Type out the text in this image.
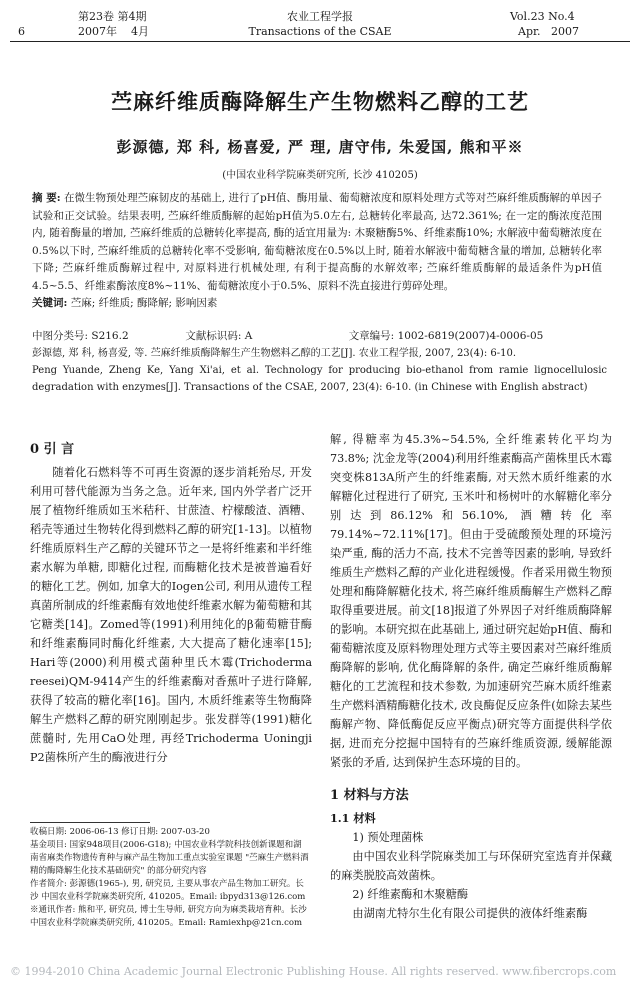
第23卷 第4期	农业工程学报	Vol.23 No.4
6	2007年    4月	Transactions of the CSAE	Apr.   2007
苎麻纤维质酶降解生产生物燃料乙醇的工艺
彭源德, 郑 科, 杨喜爱, 严 理, 唐守伟, 朱爱国, 熊和平※
(中国农业科学院麻类研究所, 长沙 410205)
摘 要: 在微生物预处理苎麻韧皮的基础上, 进行了pH值、酶用量、葡萄糖浓度和原料处理方式等对苎麻纤维质酶解的单因子试验和正交试验。结果表明, 苎麻纤维质酶解的起始pH值为5.0左右, 总糖转化率最高, 达72.361%; 在一定的酶浓度范围内, 随着酶量的增加, 苎麻纤维质的总糖转化率提高, 酶的适宜用量为: 木聚糖酶5%、纤维素酶10%; 水解液中葡萄糖浓度在0.5%以下时, 苎麻纤维质的总糖转化率不受影响, 葡萄糖浓度在0.5%以上时, 随着水解液中葡萄糖含量的增加, 总糖转化率下降; 苎麻纤维质酶解过程中, 对原料进行机械处理, 有利于提高酶的水解效率; 苎麻纤维质酶解的最适条件为pH值4.5~5.5、纤维素酶浓度8%~11%、葡萄糖浓度小于0.5%、原料不洗直接进行剪碎处理。
关键词: 苎麻; 纤维质; 酶降解; 影响因素
中图分类号: S216.2	文献标识码: A	文章编号: 1002-6819(2007)4-0006-05
彭源德, 郑 科, 杨喜爱, 等. 苎麻纤维质酶降解生产生物燃料乙醇的工艺[J]. 农业工程学报, 2007, 23(4): 6-10.
Peng Yuande, Zheng Ke, Yang Xi'ai, et al. Technology for producing bio-ethanol from ramie lignocellulosic degradation with enzymes[J]. Transactions of the CSAE, 2007, 23(4): 6-10. (in Chinese with English abstract)
0 引 言

随着化石燃料等不可再生资源的逐步消耗殆尽, 开发利用可替代能源为当务之急。近年来, 国内外学者广泛开展了植物纤维质如玉米秸秆、甘蔗渣、柠檬酸渣、酒糟、稻壳等通过生物转化得到燃料乙醇的研究[1-13]。以植物纤维质原料生产乙醇的关键环节之一是将纤维素和半纤维素水解为单糖, 即糖化过程, 而酶糖化技术是被普遍看好的糖化工艺。例如, 加拿大的Iogen公司, 利用从遗传工程真菌所制成的纤维素酶有效地使纤维素水解为葡萄糖和其它糖类[14]。Zomed等(1991)利用纯化的β葡萄糖苷酶和纤维素酶同时酶化纤维素, 大大提高了糖化速率[15]; Hari等(2000)利用模式菌种里氏木霉(Trichoderma reesei)QM-9414产生的纤维素酶对香蕉叶子进行降解, 获得了较高的糖化率[16]。国内, 木质纤维素等生物酶降解生产燃料乙醇的研究刚刚起步。张发群等(1991)糖化蔗髓时, 先用CaO处理, 再经Trichoderma Uoningji P2菌株所产生的酶液进行分

收稿日期: 2006-06-13 修订日期: 2007-03-20
基金项目: 国家948项目(2006-G18); 中国农业科学院科技创新课题和湖南省麻类作物遗传育种与麻产品生物加工重点实验室课题 "苎麻生产燃料酒精的酶降解生化技术基础研究" 的部分研究内容
作者简介: 彭源德(1965-), 男, 研究员, 主要从事农产品生物加工研究。长沙 中国农业科学院麻类研究所, 410205。Email: ibpyd313@126.com
※通讯作者: 熊和平, 研究员, 博士生导师, 研究方向为麻类栽培育种。长沙 中国农业科学院麻类研究所, 410205。Email: Ramiexhp@21cn.com

解, 得糖率为45.3%~54.5%, 全纤维素转化平均为73.8%; 沈金龙等(2004)利用纤维素酶高产菌株里氏木霉突变株813A所产生的纤维素酶, 对天然木质纤维素的水解糖化过程进行了研究, 玉米叶和杨树叶的水解糖化率分别达到86.12%和56.10%, 酒糟转化率79.14%~72.11%[17]。但由于受硫酸预处理的环境污染严重, 酶的活力不高, 技术不完善等因素的影响, 导致纤维质生产燃料乙醇的产业化进程缓慢。作者采用微生物预处理和酶降解糖化技术, 将苎麻纤维质酶解生产燃料乙醇取得重要进展。前文[18]报道了外界因子对纤维质酶降解的影响。本研究拟在此基础上, 通过研究起始pH值、酶和葡萄糖浓度及原料物理处理方式等主要因素对苎麻纤维质酶降解的影响, 优化酶降解的条件, 确定苎麻纤维质酶解糖化的工艺流程和技术参数, 为加速研究苎麻木质纤维素生产燃料酒精酶糖化技术, 改良酶促反应条件(如除去某些酶解产物、降低酶促反应平衡点)研究等方面提供科学依据, 进而充分挖掘中国特有的苎麻纤维质资源, 缓解能源紧张的矛盾, 达到保护生态环境的目的。

1 材料与方法
1.1 材料
1) 预处理菌株

由中国农业科学院麻类加工与环保研究室选育并保藏的麻类脱胶高效菌株。

2) 纤维素酶和木聚糖酶

由湖南尤特尔生化有限公司提供的液体纤维素酶

© 1994-2010 China Academic Journal Electronic Publishing House. All rights reserved. www.fibercrops.com
